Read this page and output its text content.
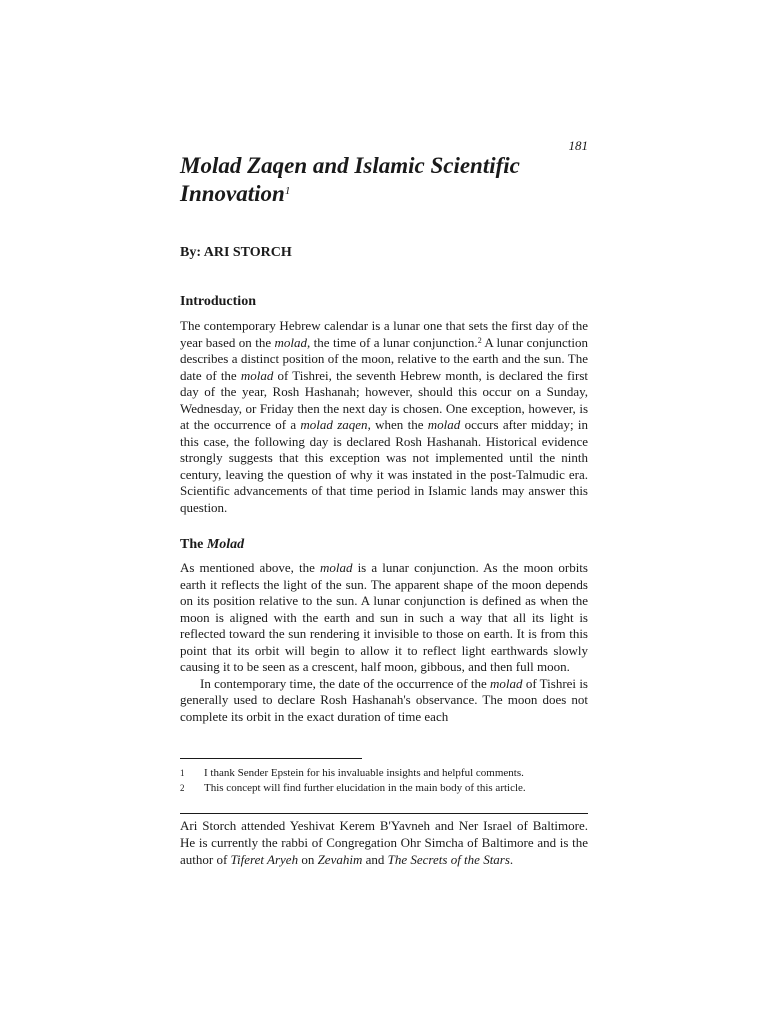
181
Molad Zaqen and Islamic Scientific Innovation$^1$
By: ARI STORCH
Introduction

The contemporary Hebrew calendar is a lunar one that sets the first day of the year based on the molad, the time of a lunar conjunction.$^2$ A lunar conjunction describes a distinct position of the moon, relative to the earth and the sun. The date of the molad of Tishrei, the seventh Hebrew month, is declared the first day of the year, Rosh Hashanah; however, should this occur on a Sunday, Wednesday, or Friday then the next day is chosen. One exception, however, is at the occurrence of a molad zaqen, when the molad occurs after midday; in this case, the following day is declared Rosh Hashanah. Historical evidence strongly suggests that this exception was not implemented until the ninth century, leaving the question of why it was instated in the post-Talmudic era. Scientific advancements of that time period in Islamic lands may answer this question.

The Molad

As mentioned above, the molad is a lunar conjunction. As the moon orbits earth it reflects the light of the sun. The apparent shape of the moon depends on its position relative to the sun. A lunar conjunction is defined as when the moon is aligned with the earth and sun in such a way that all its light is reflected toward the sun rendering it invisible to those on earth. It is from this point that its orbit will begin to allow it to reflect light earthwards slowly causing it to be seen as a crescent, half moon, gibbous, and then full moon.

In contemporary time, the date of the occurrence of the molad of Tishrei is generally used to declare Rosh Hashanah's observance. The moon does not complete its orbit in the exact duration of time each

1	I thank Sender Epstein for his invaluable insights and helpful comments.
2	This concept will find further elucidation in the main body of this article.
Ari Storch attended Yeshivat Kerem B'Yavneh and Ner Israel of Baltimore. He is currently the rabbi of Congregation Ohr Simcha of Baltimore and is the author of Tiferet Aryeh on Zevahim and The Secrets of the Stars.
